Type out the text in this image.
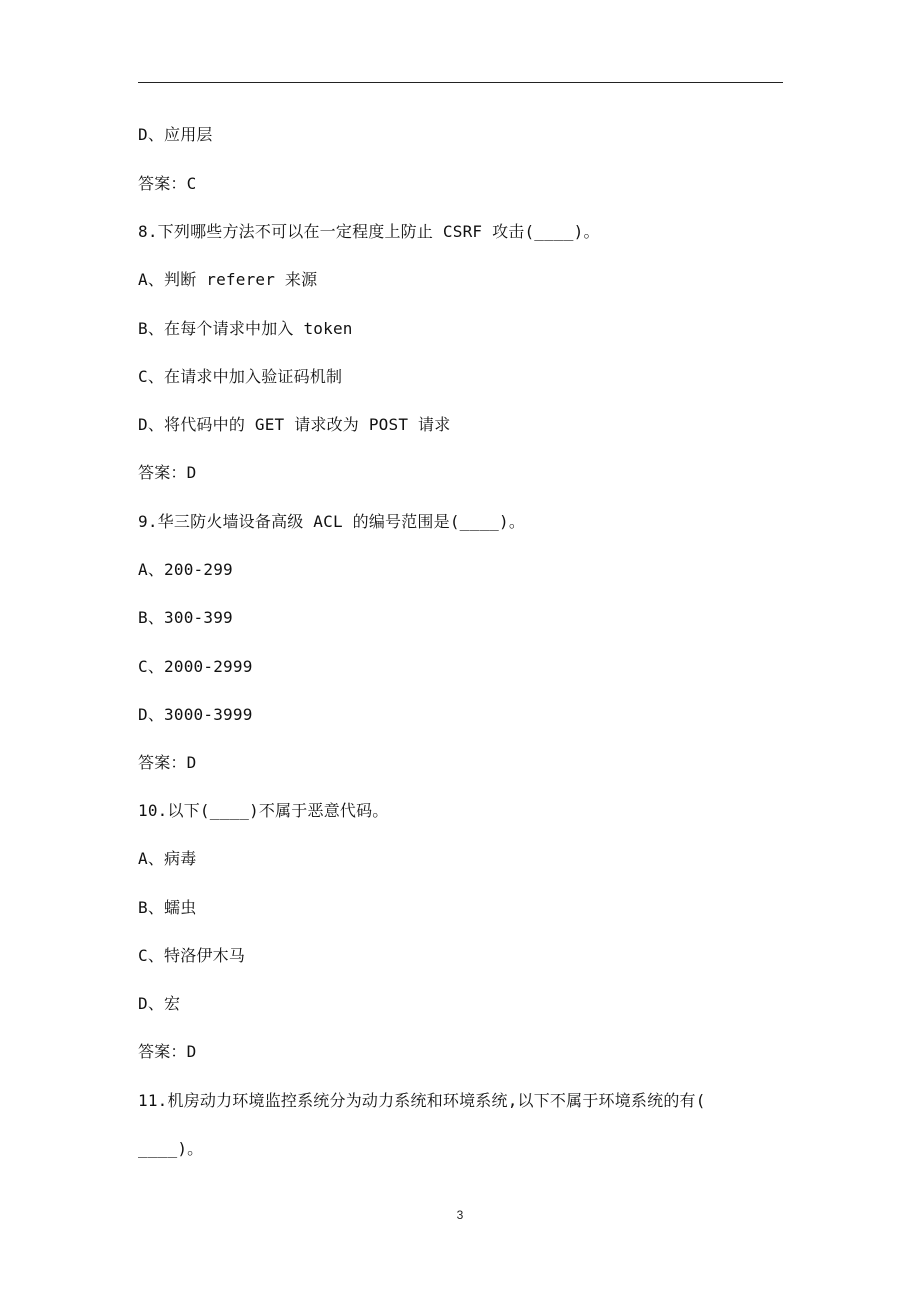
D、应用层
答案：C
8.下列哪些方法不可以在一定程度上防止 CSRF 攻击(____)。
A、判断 referer 来源
B、在每个请求中加入 token
C、在请求中加入验证码机制
D、将代码中的 GET 请求改为 POST 请求
答案：D
9.华三防火墙设备高级 ACL 的编号范围是(____)。
A、200-299
B、300-399
C、2000-2999
D、3000-3999
答案：D
10.以下(____)不属于恶意代码。
A、病毒
B、蠕虫
C、特洛伊木马
D、宏
答案：D
11.机房动力环境监控系统分为动力系统和环境系统,以下不属于环境系统的有(
____)。
3
